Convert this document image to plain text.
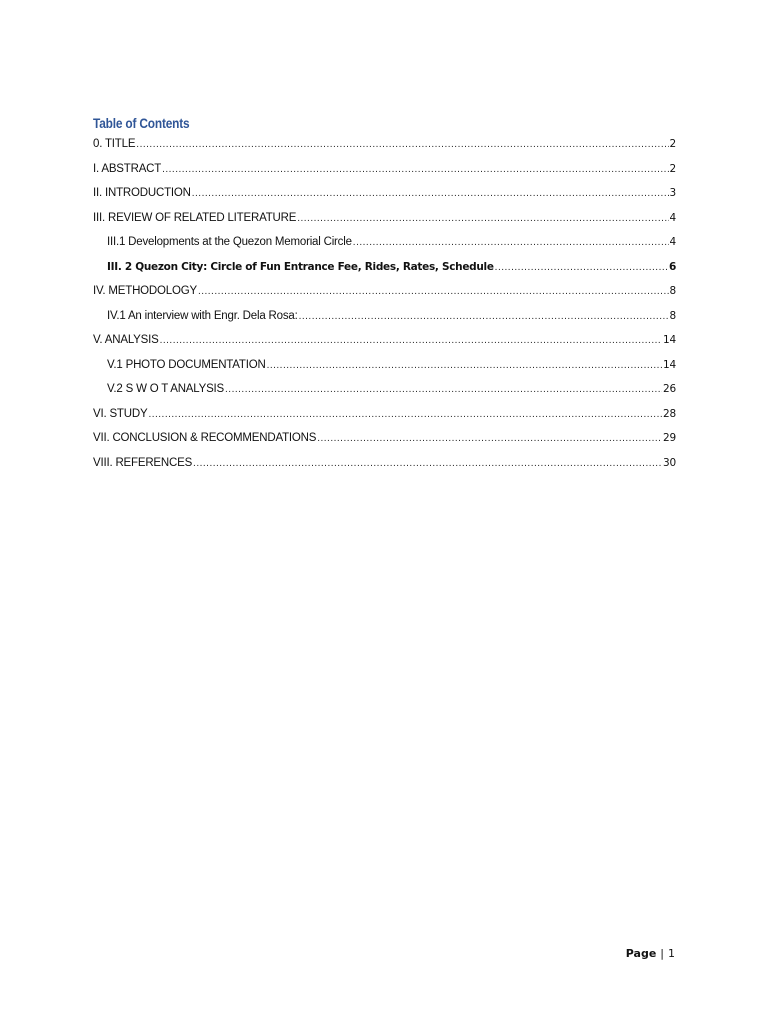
Table of Contents
0. TITLE .....	2
I. ABSTRACT .....	2
II. INTRODUCTION .....	3
III. REVIEW OF RELATED LITERATURE .....	4
III.1 Developments at the Quezon Memorial Circle .....	4
III. 2 Quezon City: Circle of Fun Entrance Fee, Rides, Rates, Schedule .....	6
IV. METHODOLOGY .....	8
IV.1 An interview with Engr. Dela Rosa: .....	8
V. ANALYSIS .....	14
V.1 PHOTO DOCUMENTATION .....	14
V.2 S W O T ANALYSIS .....	26
VI. STUDY .....	28
VII. CONCLUSION & RECOMMENDATIONS .....	29
VIII. REFERENCES .....	30
Page | 1
